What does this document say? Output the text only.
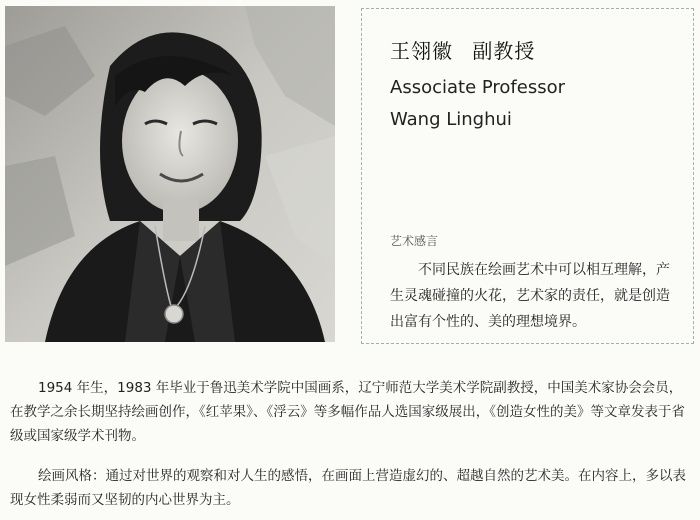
王翎徽 副教授
Associate Professor
Wang Linghui
艺术感言
不同民族在绘画艺术中可以相互理解，产生灵魂碰撞的火花，艺术家的责任，就是创造出富有个性的、美的理想境界。

1954 年生，1983 年毕业于鲁迅美术学院中国画系，辽宁师范大学美术学院副教授，中国美术家协会会员，在教学之余长期坚持绘画创作，《红苹果》、《浮云》等多幅作品人选国家级展出，《创造女性的美》等文章发表于省级或国家级学术刊物。

绘画风格：通过对世界的观察和对人生的感悟，在画面上营造虚幻的、超越自然的艺术美。在内容上，多以表现女性柔弱而又坚韧的内心世界为主。
